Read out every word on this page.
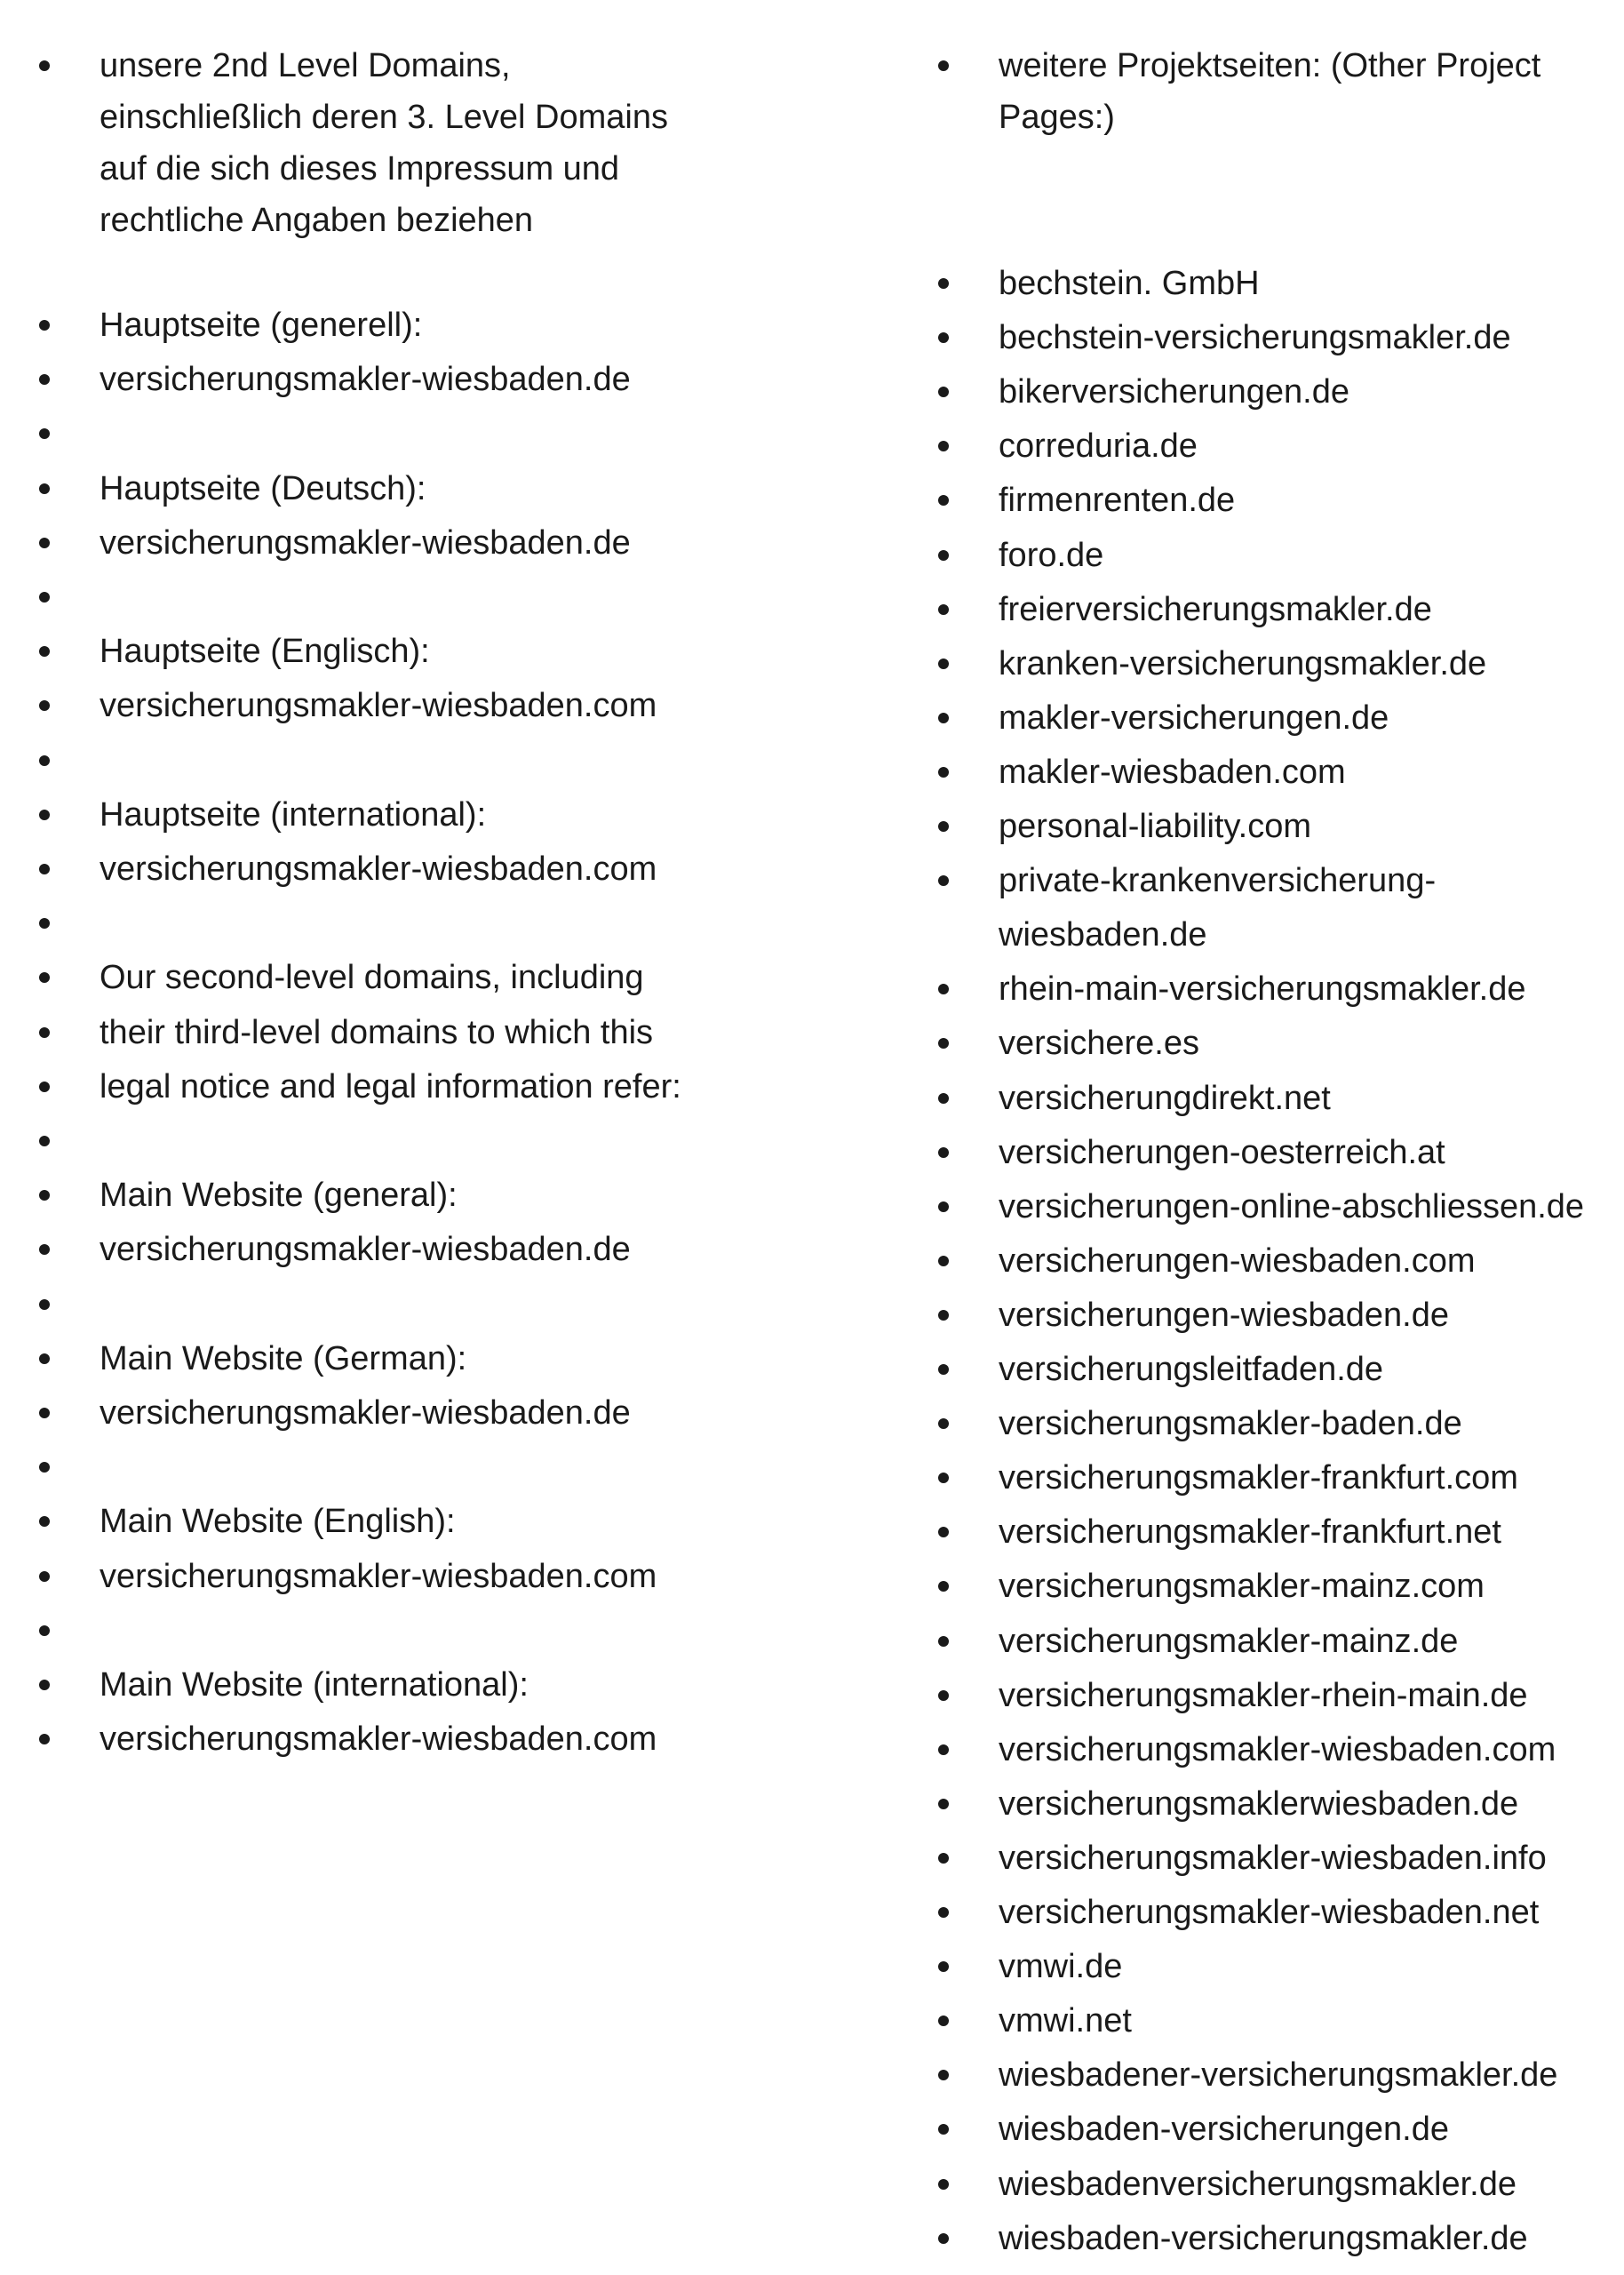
unsere 2nd Level Domains,
einschließlich deren 3. Level Domains
auf die sich dieses Impressum und
rechtliche Angaben beziehen
Hauptseite (generell):
versicherungsmakler-wiesbaden.de
Hauptseite (Deutsch):
versicherungsmakler-wiesbaden.de
Hauptseite (Englisch):
versicherungsmakler-wiesbaden.com
Hauptseite (international):
versicherungsmakler-wiesbaden.com
Our second-level domains, including
their third-level domains to which this
legal notice and legal information refer:
Main Website (general):
versicherungsmakler-wiesbaden.de
Main Website (German):
versicherungsmakler-wiesbaden.de
Main Website (English):
versicherungsmakler-wiesbaden.com
Main Website (international):
versicherungsmakler-wiesbaden.com
weitere Projektseiten: (Other Project
Pages:)
bechstein. GmbH
bechstein-versicherungsmakler.de
bikerversicherungen.de
correduria.de
firmenrenten.de
foro.de
freierversicherungsmakler.de
kranken-versicherungsmakler.de
makler-versicherungen.de
makler-wiesbaden.com
personal-liability.com
private-krankenversicherung-
wiesbaden.de
rhein-main-versicherungsmakler.de
versichere.es
versicherungdirekt.net
versicherungen-oesterreich.at
versicherungen-online-abschliessen.de
versicherungen-wiesbaden.com
versicherungen-wiesbaden.de
versicherungsleitfaden.de
versicherungsmakler-baden.de
versicherungsmakler-frankfurt.com
versicherungsmakler-frankfurt.net
versicherungsmakler-mainz.com
versicherungsmakler-mainz.de
versicherungsmakler-rhein-main.de
versicherungsmakler-wiesbaden.com
versicherungsmaklerwiesbaden.de
versicherungsmakler-wiesbaden.info
versicherungsmakler-wiesbaden.net
vmwi.de
vmwi.net
wiesbadener-versicherungsmakler.de
wiesbaden-versicherungen.de
wiesbadenversicherungsmakler.de
wiesbaden-versicherungsmakler.de
